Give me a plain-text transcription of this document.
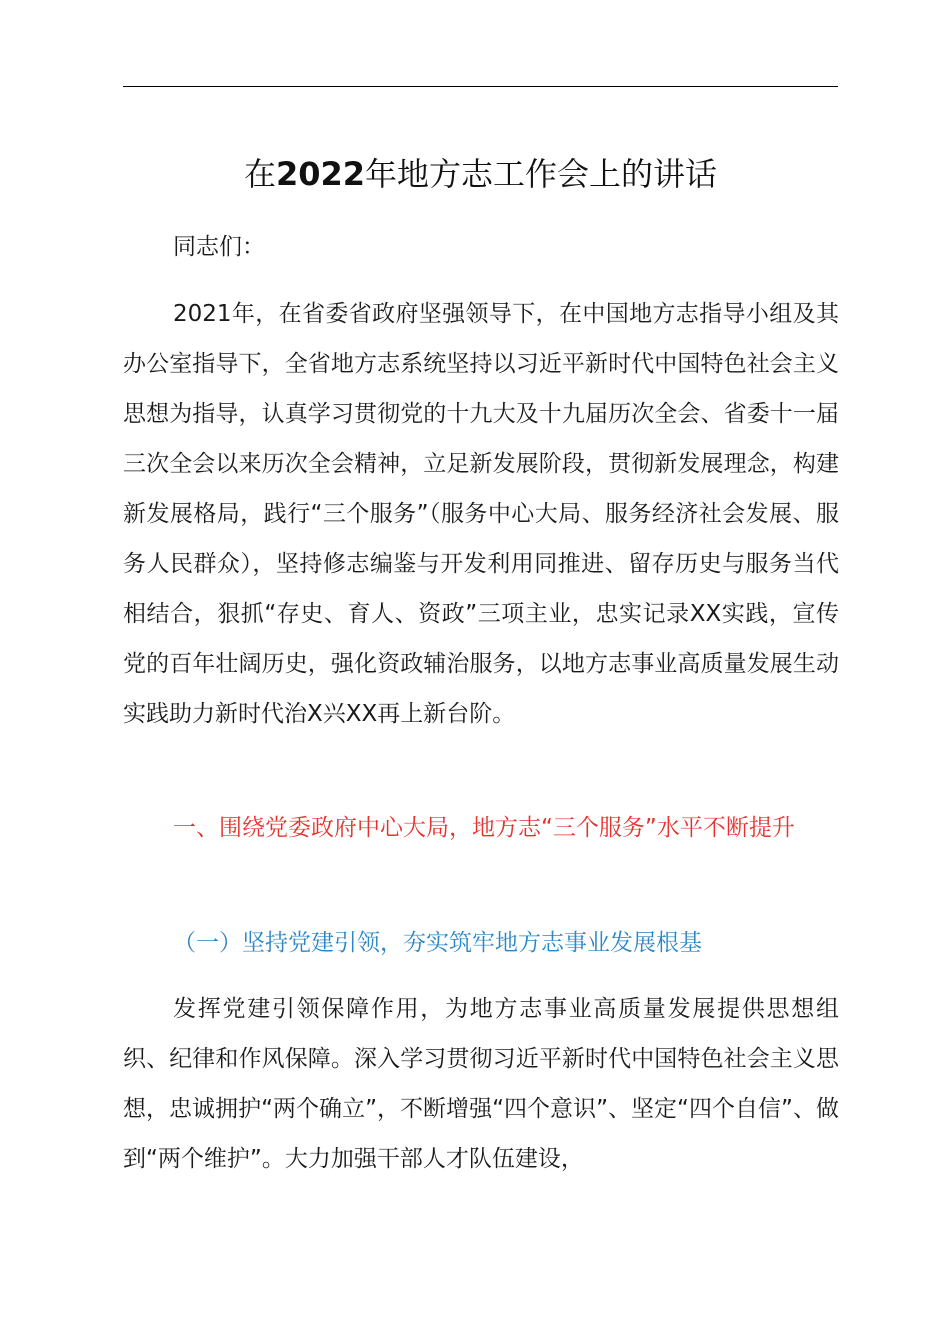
在2022年地方志工作会上的讲话

同志们：

2021年，在省委省政府坚强领导下，在中国地方志指导小组及其办公室指导下，全省地方志系统坚持以习近平新时代中国特色社会主义思想为指导，认真学习贯彻党的十九大及十九届历次全会、省委十一届三次全会以来历次全会精神，立足新发展阶段，贯彻新发展理念，构建新发展格局，践行“三个服务”（服务中心大局、服务经济社会发展、服务人民群众），坚持修志编鉴与开发利用同推进、留存历史与服务当代相结合，狠抓“存史、育人、资政”三项主业，忠实记录XX实践，宣传党的百年壮阔历史，强化资政辅治服务，以地方志事业高质量发展生动实践助力新时代治X兴XX再上新台阶。

一、围绕党委政府中心大局，地方志“三个服务”水平不断提升

（一）坚持党建引领，夯实筑牢地方志事业发展根基

发挥党建引领保障作用，为地方志事业高质量发展提供思想组织、纪律和作风保障。深入学习贯彻习近平新时代中国特色社会主义思想，忠诚拥护“两个确立”，不断增强“四个意识”、坚定“四个自信”、做到“两个维护”。大力加强干部人才队伍建设，
